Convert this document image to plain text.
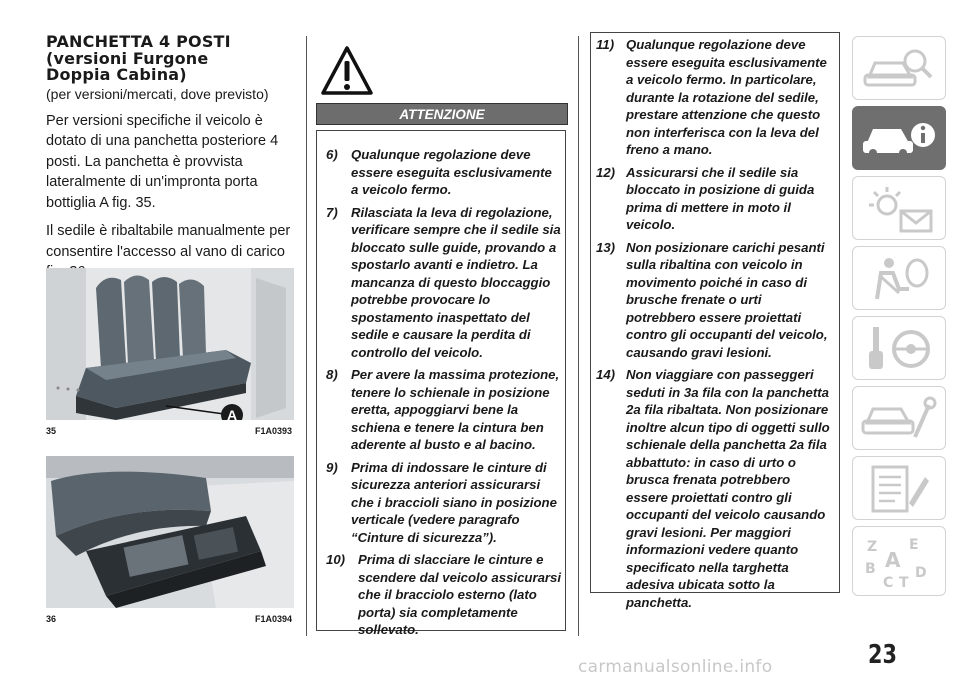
PANCHETTA 4 POSTI
(versioni Furgone
Doppia Cabina)

(per versioni/mercati, dove previsto)

Per versioni specifiche il veicolo è dotato di una panchetta posteriore 4 posti. La panchetta è provvista lateralmente di un'impronta porta bottiglia A fig. 35.

Il sedile è ribaltabile manualmente per consentire l'accesso al vano di carico

A
35	F1A0393
36	F1A0394
ATTENZIONE
6) Qualunque regolazione deve essere eseguita esclusivamente a veicolo fermo.
7) Rilasciata la leva di regolazione, verificare sempre che il sedile sia bloccato sulle guide, provando a spostarlo avanti e indietro. La mancanza di questo bloccaggio potrebbe provocare lo spostamento inaspettato del sedile e causare la perdita di controllo del veicolo.
8) Per avere la massima protezione, tenere lo schienale in posizione eretta, appoggiarvi bene la schiena e tenere la cintura ben aderente al busto e al bacino.
9) Prima di indossare le cinture di sicurezza anteriori assicurarsi che i braccioli siano in posizione verticale (vedere paragrafo “Cinture di sicurezza”).
10) Prima di slacciare le cinture e scendere dal veicolo assicurarsi che il bracciolo esterno (lato porta) sia completamente sollevato.
11) Qualunque regolazione deve essere eseguita esclusivamente a veicolo fermo. In particolare, durante la rotazione del sedile, prestare attenzione che questo non interferisca con la leva del freno a mano.
12) Assicurarsi che il sedile sia bloccato in posizione di guida prima di mettere in moto il veicolo.
13) Non posizionare carichi pesanti sulla ribaltina con veicolo in movimento poiché in caso di brusche frenate o urti potrebbero essere proiettati contro gli occupanti del veicolo, causando gravi lesioni.
14) Non viaggiare con passeggeri seduti in 3a fila con la panchetta 2a fila ribaltata. Non posizionare inoltre alcun tipo di oggetti sullo schienale della panchetta 2a fila abbattuto: in caso di urto o brusca frenata potrebbero essere proiettati contro gli occupanti del veicolo causando gravi lesioni. Per maggiori informazioni vedere quanto specificato nella targhetta adesiva ubicata sotto la panchetta.
Z E
A
B	D
C T
23
carmanualsonline.info
